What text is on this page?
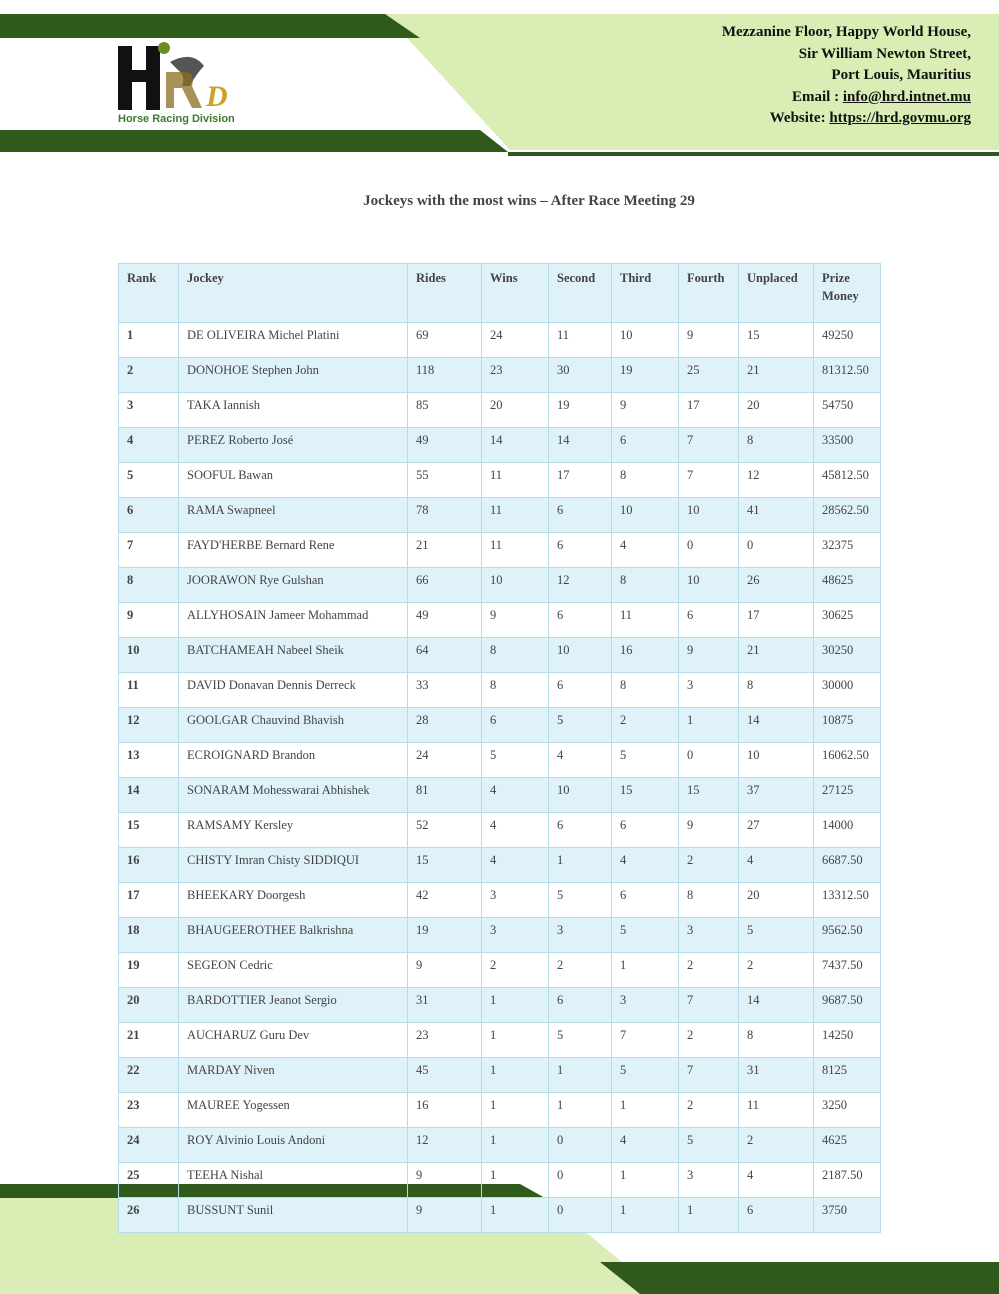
D
Horse Racing Division
Mezzanine Floor, Happy World House,
Sir William Newton Street,
Port Louis, Mauritius
Email : info@hrd.intnet.mu
Website: https://hrd.govmu.org
Jockeys with the most wins – After Race Meeting 29
Rank	Jockey	Rides	Wins	Second	Third	Fourth	Unplaced	Prize Money
1	DE OLIVEIRA Michel Platini	69	24	11	10	9	15	49250
2	DONOHOE Stephen John	118	23	30	19	25	21	81312.50
3	TAKA Iannish	85	20	19	9	17	20	54750
4	PEREZ Roberto José	49	14	14	6	7	8	33500
5	SOOFUL Bawan	55	11	17	8	7	12	45812.50
6	RAMA Swapneel	78	11	6	10	10	41	28562.50
7	FAYD'HERBE Bernard Rene	21	11	6	4	0	0	32375
8	JOORAWON Rye Gulshan	66	10	12	8	10	26	48625
9	ALLYHOSAIN Jameer Mohammad	49	9	6	11	6	17	30625
10	BATCHAMEAH Nabeel Sheik	64	8	10	16	9	21	30250
11	DAVID Donavan Dennis Derreck	33	8	6	8	3	8	30000
12	GOOLGAR Chauvind Bhavish	28	6	5	2	1	14	10875
13	ECROIGNARD Brandon	24	5	4	5	0	10	16062.50
14	SONARAM Mohesswarai Abhishek	81	4	10	15	15	37	27125
15	RAMSAMY Kersley	52	4	6	6	9	27	14000
16	CHISTY Imran Chisty SIDDIQUI	15	4	1	4	2	4	6687.50
17	BHEEKARY Doorgesh	42	3	5	6	8	20	13312.50
18	BHAUGEEROTHEE Balkrishna	19	3	3	5	3	5	9562.50
19	SEGEON Cedric	9	2	2	1	2	2	7437.50
20	BARDOTTIER Jeanot Sergio	31	1	6	3	7	14	9687.50
21	AUCHARUZ Guru Dev	23	1	5	7	2	8	14250
22	MARDAY Niven	45	1	1	5	7	31	8125
23	MAUREE Yogessen	16	1	1	1	2	11	3250
24	ROY Alvinio Louis Andoni	12	1	0	4	5	2	4625
25	TEEHA Nishal	9	1	0	1	3	4	2187.50
26	BUSSUNT Sunil	9	1	0	1	1	6	3750
